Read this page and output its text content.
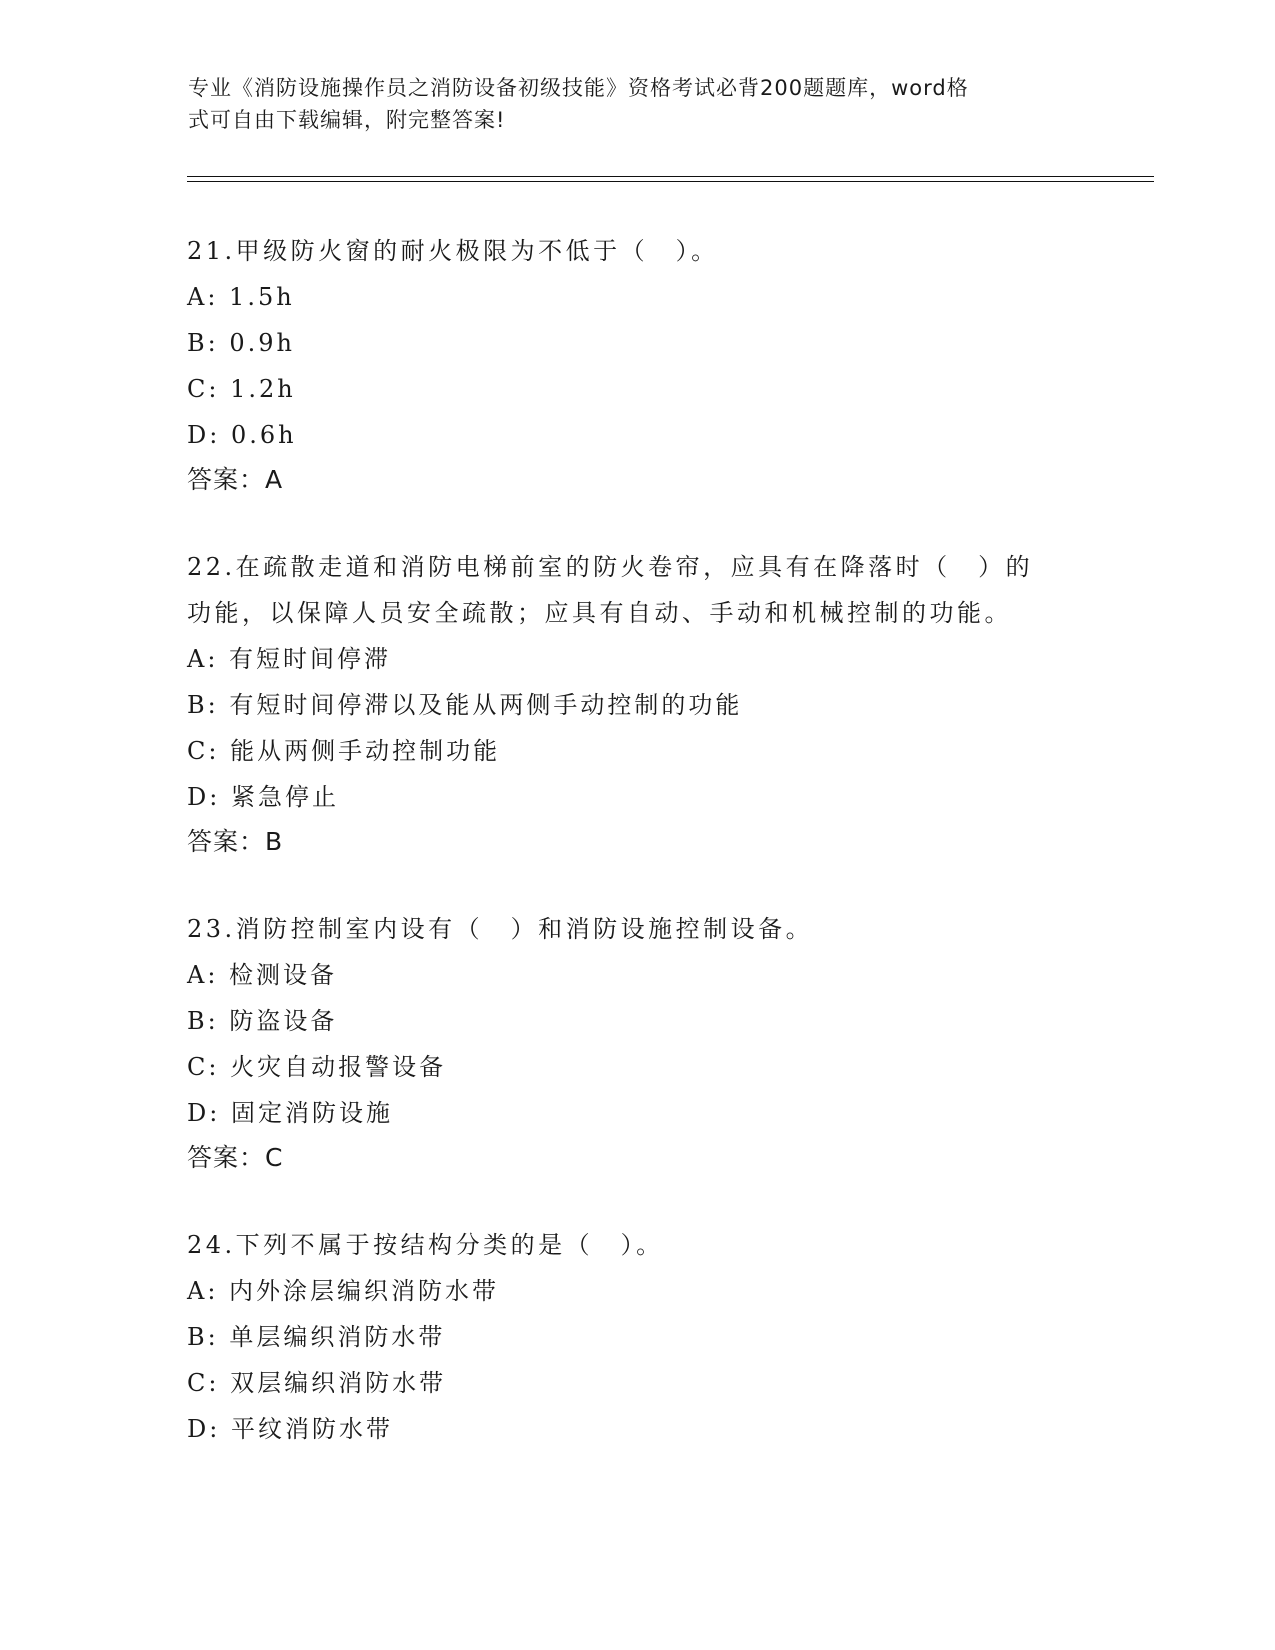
专业《消防设施操作员之消防设备初级技能》资格考试必背200题题库，word格
式可自由下载编辑，附完整答案!
21.甲级防火窗的耐火极限为不低于（　）。
A: 1.5h
B: 0.9h
C: 1.2h
D: 0.6h
答案：A
22.在疏散走道和消防电梯前室的防火卷帘，应具有在降落时（　）的
功能，以保障人员安全疏散；应具有自动、手动和机械控制的功能。
A: 有短时间停滞
B: 有短时间停滞以及能从两侧手动控制的功能
C: 能从两侧手动控制功能
D: 紧急停止
答案：B
23.消防控制室内设有（　）和消防设施控制设备。
A: 检测设备
B: 防盗设备
C: 火灾自动报警设备
D: 固定消防设施
答案：C
24.下列不属于按结构分类的是（　）。
A: 内外涂层编织消防水带
B: 单层编织消防水带
C: 双层编织消防水带
D: 平纹消防水带
